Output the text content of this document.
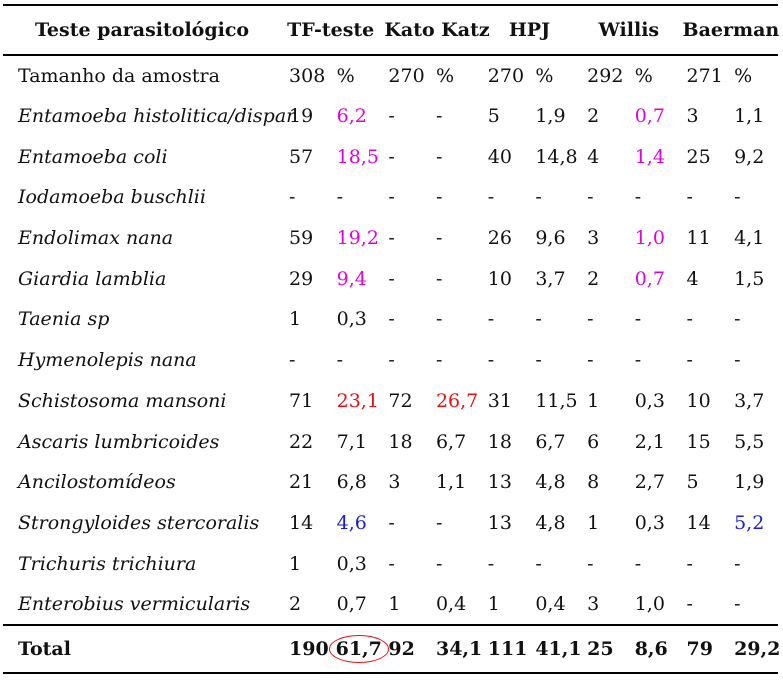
Teste parasitológico	TF-teste		Kato Katz		HPJ		Willis		Baerman	
Tamanho da amostra	308	%	270	%	270	%	292	%	271	%
Entamoeba histolitica/dispar	19	6,2	-	-	5	1,9	2	0,7	3	1,1
Entamoeba coli	57	18,5	-	-	40	14,8	4	1,4	25	9,2
Iodamoeba buschlii	-	-	-	-	-	-	-	-	-	-
Endolimax nana	59	19,2	-	-	26	9,6	3	1,0	11	4,1
Giardia lamblia	29	9,4	-	-	10	3,7	2	0,7	4	1,5
Taenia sp	1	0,3	-	-	-	-	-	-	-	-
Hymenolepis nana	-	-	-	-	-	-	-	-	-	-
Schistosoma mansoni	71	23,1	72	26,7	31	11,5	1	0,3	10	3,7
Ascaris lumbricoides	22	7,1	18	6,7	18	6,7	6	2,1	15	5,5
Ancilostomídeos	21	6,8	3	1,1	13	4,8	8	2,7	5	1,9
Strongyloides stercoralis	14	4,6	-	-	13	4,8	1	0,3	14	5,2
Trichuris trichiura	1	0,3	-	-	-	-	-	-	-	-
Enterobius vermicularis	2	0,7	1	0,4	1	0,4	3	1,0	-	-
Total	190	61,7	92	34,1	111	41,1	25	8,6	79	29,2
